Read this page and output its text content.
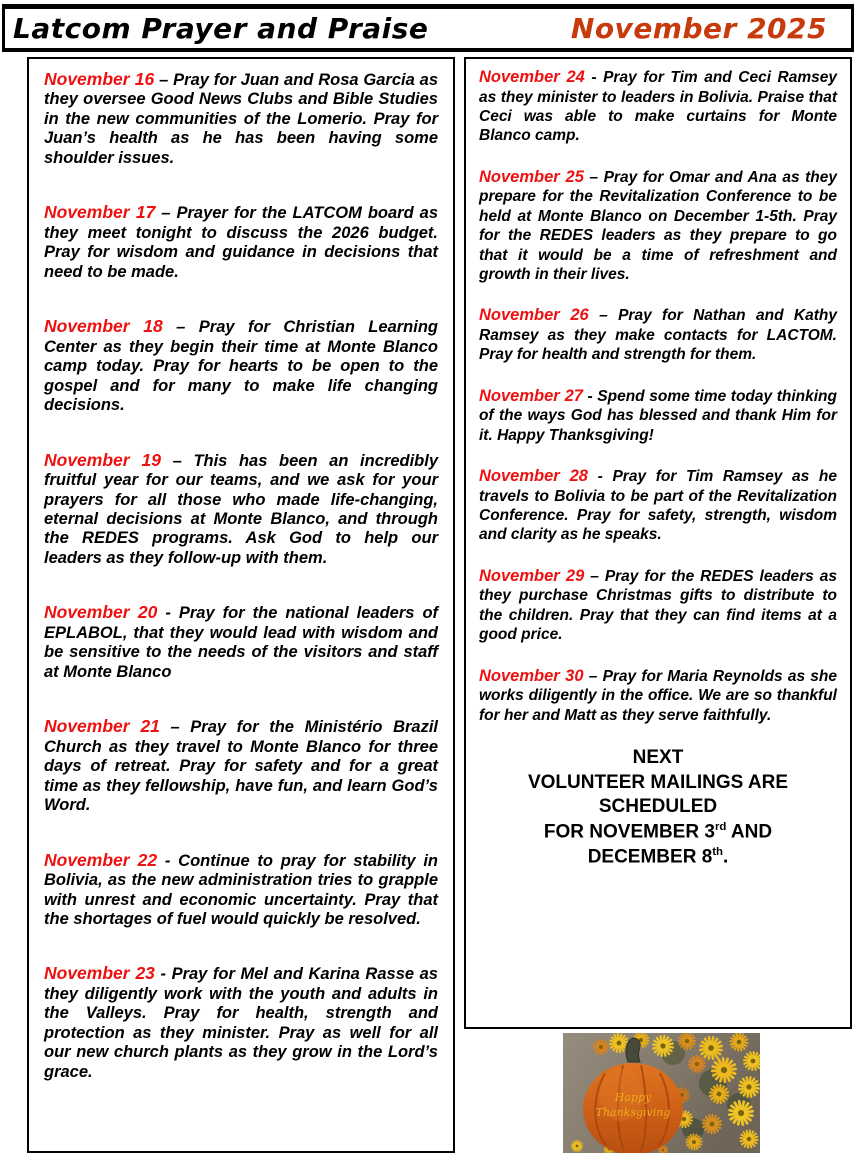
Latcom Prayer and Praise	November 2025

November 16 – Pray for Juan and Rosa Garcia as they oversee Good News Clubs and Bible Studies in the new communities of the Lomerio. Pray for Juan’s health as he has been having some shoulder issues.

November 17 – Prayer for the LATCOM board as they meet tonight to discuss the 2026 budget. Pray for wisdom and guidance in decisions that need to be made.

November 18 – Pray for Christian Learning Center as they begin their time at Monte Blanco camp today. Pray for hearts to be open to the gospel and for many to make life changing decisions.

November 19 – This has been an incredibly fruitful year for our teams, and we ask for your prayers for all those who made life-changing, eternal decisions at Monte Blanco, and through the REDES programs. Ask God to help our leaders as they follow-up with them.

November 20 - Pray for the national leaders of EPLABOL, that they would lead with wisdom and be sensitive to the needs of the visitors and staff at Monte Blanco

November 21 – Pray for the Ministério Brazil Church as they travel to Monte Blanco for three days of retreat. Pray for safety and for a great time as they fellowship, have fun, and learn God’s Word.

November 22 - Continue to pray for stability in Bolivia, as the new administration tries to grapple with unrest and economic uncertainty. Pray that the shortages of fuel would quickly be resolved.

November 23 - Pray for Mel and Karina Rasse as they diligently work with the youth and adults in the Valleys. Pray for health, strength and protection as they minister. Pray as well for all our new church plants as they grow in the Lord’s grace.

November 24 - Pray for Tim and Ceci Ramsey as they minister to leaders in Bolivia. Praise that Ceci was able to make curtains for Monte Blanco camp.

November 25 – Pray for Omar and Ana as they prepare for the Revitalization Conference to be held at Monte Blanco on December 1-5th. Pray for the REDES leaders as they prepare to go that it would be a time of refreshment and growth in their lives.

November 26 – Pray for Nathan and Kathy Ramsey as they make contacts for LACTOM. Pray for health and strength for them.

November 27 - Spend some time today thinking of the ways God has blessed and thank Him for it. Happy Thanksgiving!

November 28 - Pray for Tim Ramsey as he travels to Bolivia to be part of the Revitalization Conference. Pray for safety, strength, wisdom and clarity as he speaks.

November 29 – Pray for the REDES leaders as they purchase Christmas gifts to distribute to the children. Pray that they can find items at a good price.

November 30 – Pray for Maria Reynolds as she works diligently in the office. We are so thankful for her and Matt as they serve faithfully.

NEXT
VOLUNTEER MAILINGS ARE
SCHEDULED
FOR NOVEMBER 3rd AND
DECEMBER 8th.
Happy
Thanksgiving
